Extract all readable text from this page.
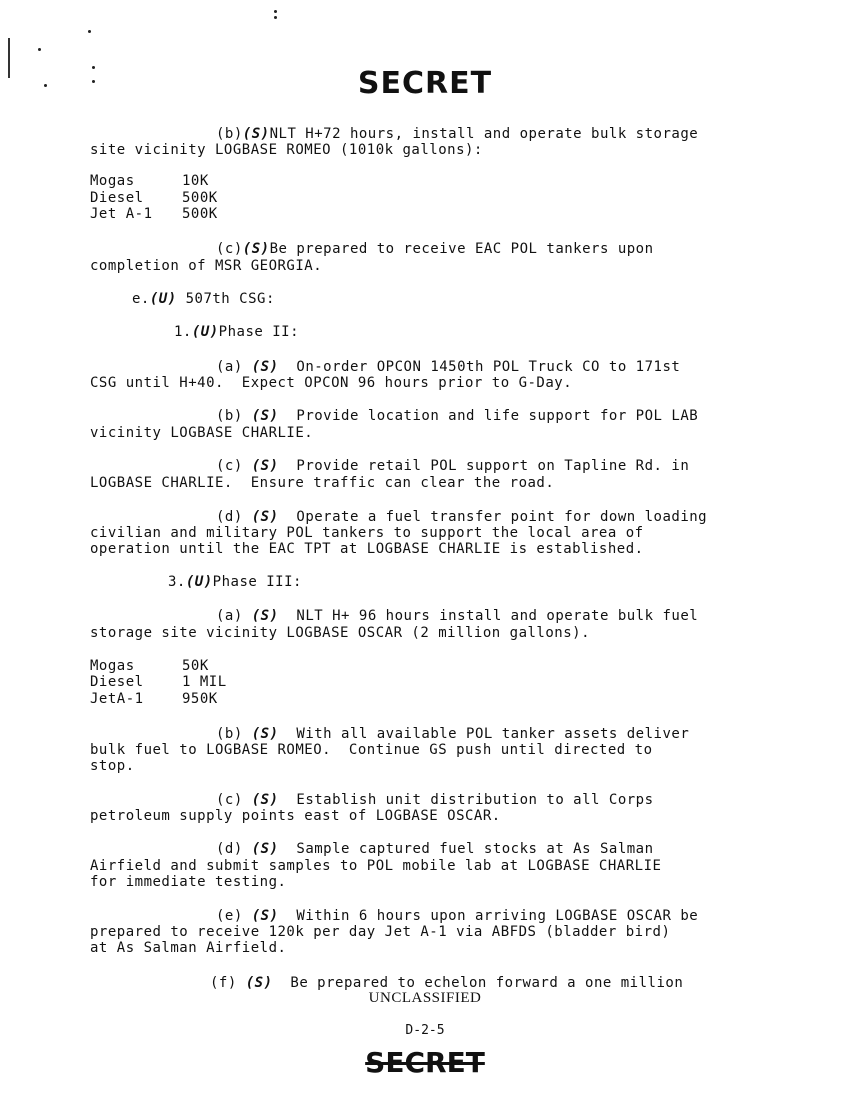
SECRET
(b)(S)NLT H+72 hours, install and operate bulk storage
site vicinity LOGBASE ROMEO (1010k gallons):
Mogas	10K
Diesel	500K
Jet A-1 500K
(c)(S)Be prepared to receive EAC POL tankers upon
completion of MSR GEORGIA.
e.(U) 507th CSG:
1.(U)Phase II:
(a) (S) On-order OPCON 1450th POL Truck CO to 171st
CSG until H+40.  Expect OPCON 96 hours prior to G-Day.
(b) (S) Provide location and life support for POL LAB
vicinity LOGBASE CHARLIE.
(c) (S) Provide retail POL support on Tapline Rd. in
LOGBASE CHARLIE.  Ensure traffic can clear the road.
(d) (S) Operate a fuel transfer point for down loading
civilian and military POL tankers to support the local area of
operation until the EAC TPT at LOGBASE CHARLIE is established.
3.(U)Phase III:
(a) (S) NLT H+ 96 hours install and operate bulk fuel
storage site vicinity LOGBASE OSCAR (2 million gallons).
Mogas	50K
Diesel	1 MIL
JetA-1	950K
(b) (S) With all available POL tanker assets deliver
bulk fuel to LOGBASE ROMEO.  Continue GS push until directed to
stop.
(c) (S) Establish unit distribution to all Corps
petroleum supply points east of LOGBASE OSCAR.
(d) (S) Sample captured fuel stocks at As Salman
Airfield and submit samples to POL mobile lab at LOGBASE CHARLIE
for immediate testing.
(e) (S) Within 6 hours upon arriving LOGBASE OSCAR be
prepared to receive 120k per day Jet A-1 via ABFDS (bladder bird)
at As Salman Airfield.
(f) (S) Be prepared to echelon forward a one million
UNCLASSIFIED
D-2-5
SECRET
